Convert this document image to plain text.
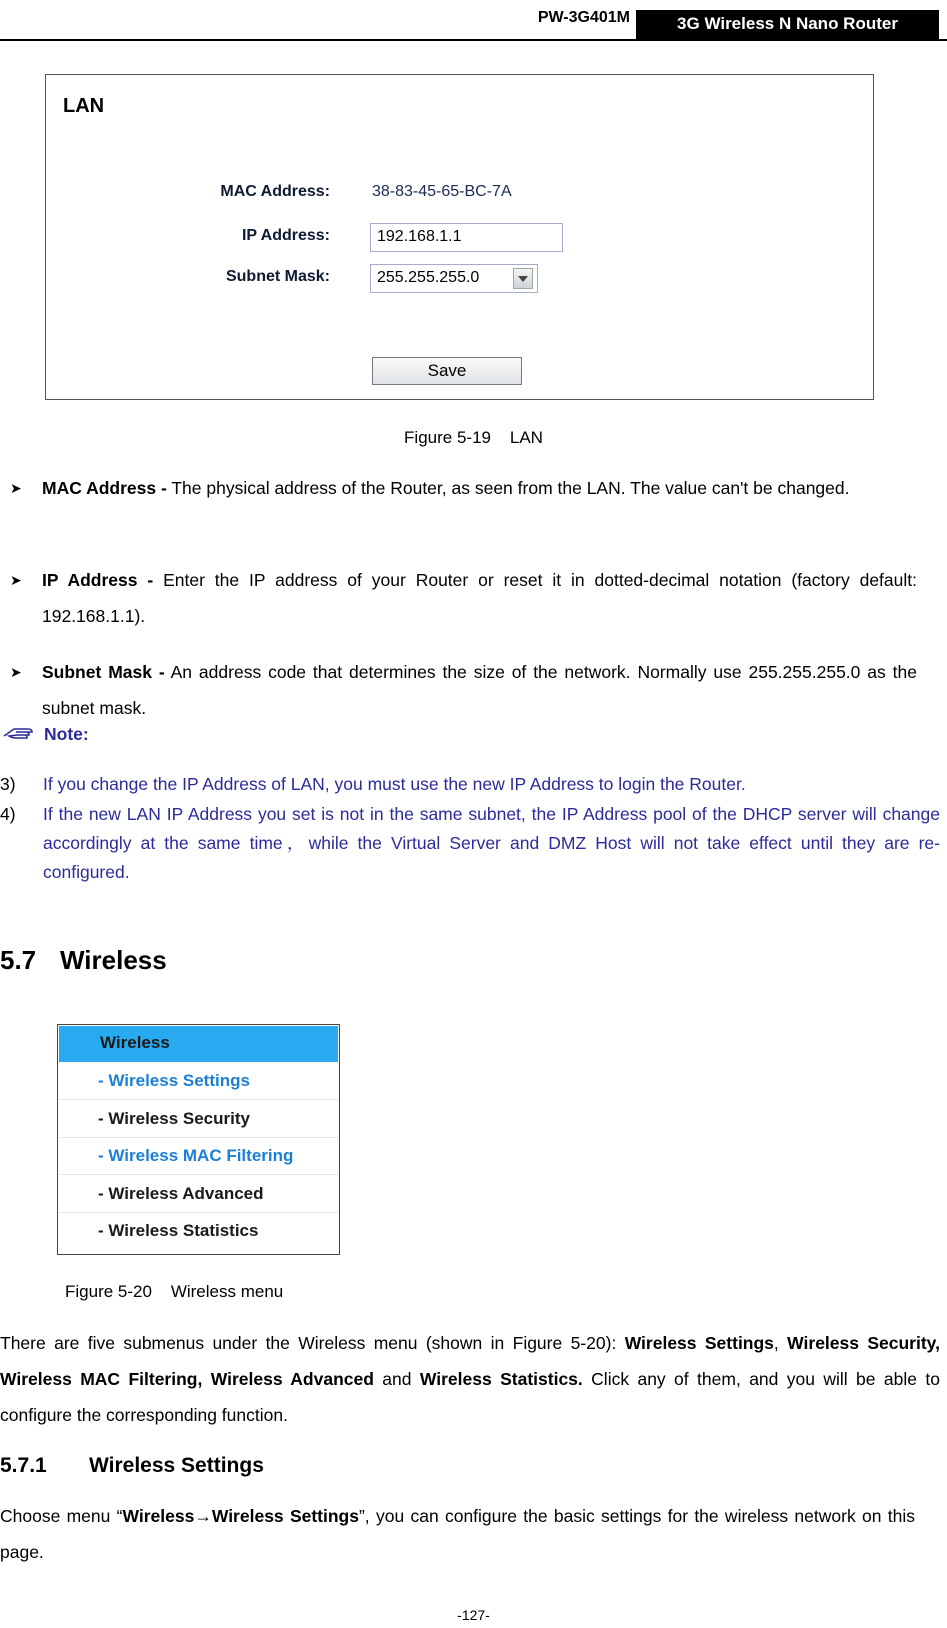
PW-3G401M	3G Wireless N Nano Router
LAN
MAC Address:	38-83-45-65-BC-7A
IP Address:	192.168.1.1
Subnet Mask:	255.255.255.0
Save
Figure 5-19    LAN
➤ MAC Address - The physical address of the Router, as seen from the LAN. The value can't be changed.
➤ IP Address - Enter the IP address of your Router or reset it in dotted-decimal notation (factory default: 192.168.1.1).
➤ Subnet Mask - An address code that determines the size of the network. Normally use 255.255.255.0 as the subnet mask.
Note:
3) If you change the IP Address of LAN, you must use the new IP Address to login the Router.
4) If the new LAN IP Address you set is not in the same subnet, the IP Address pool of the DHCP server will change accordingly at the same time，while the Virtual Server and DMZ Host will not take effect until they are re-configured.
5.7 Wireless
Wireless
- Wireless Settings
- Wireless Security
- Wireless MAC Filtering
- Wireless Advanced
- Wireless Statistics
Figure 5-20    Wireless menu
There are five submenus under the Wireless menu (shown in Figure 5-20): Wireless Settings, Wireless Security, Wireless MAC Filtering, Wireless Advanced and Wireless Statistics. Click any of them, and you will be able to configure the corresponding function.
5.7.1 Wireless Settings
Choose menu “Wireless→Wireless Settings”, you can configure the basic settings for the wireless network on this page.
-127-
